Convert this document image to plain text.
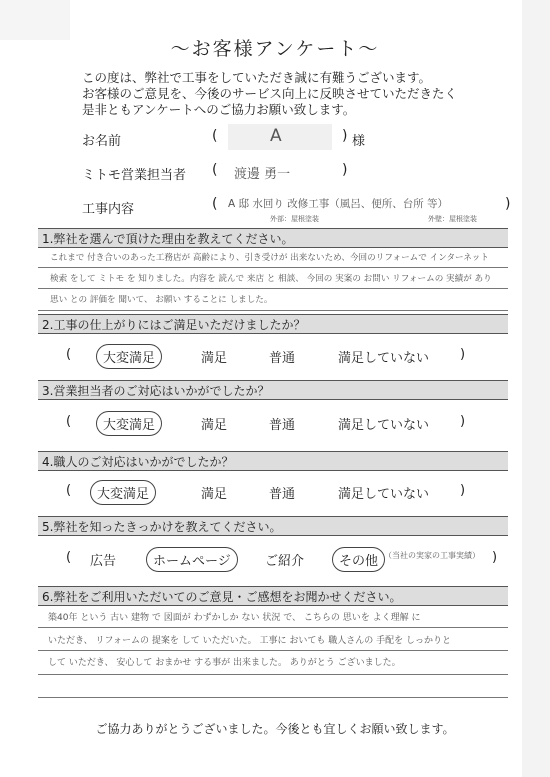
～お客様アンケート～
この度は、弊社で工事をしていただき誠に有難うございます。
お客様のご意見を、今後のサービス向上に反映させていただきたく
是非ともアンケートへのご協力お願い致します。
お名前	(	A	) 様
ミトモ営業担当者 ( 渡邊 勇一	)
工事内容	( A 邸 水回り 改修工事（風呂、便所、台所 等）	)
外部：屋根塗装	外壁：屋根塗装
1.弊社を選んで頂けた理由を教えてください。
これまで 付き合いのあった工務店が 高齢により、引き受けが 出来ないため、今回のリフォームで インターネット
検索 をして ミトモ を 知りました。内容を 読んで 来店 と 相談、 今回の 実案の お問い リフォームの 実績が あり
思い との 評価を 聞いて、 お願い することに しました。
2.工事の仕上がりにはご満足いただけましたか？
(	大変満足	満足	普通	満足していない )
3.営業担当者のご対応はいかがでしたか？
(	大変満足	満足	普通	満足していない )
4.職人のご対応はいかがでしたか？
(	大変満足	満足	普通	満足していない )
5.弊社を知ったきっかけを教えてください。
( 広告	ホームページ	ご紹介	その他 （当社の実家の工事実績） )
6.弊社をご利用いただいてのご意見・ご感想をお聞かせください。
築40年 という 古い 建物 で 図面が わずかしか ない 状況 で、 こちらの 思いを よく理解 に
いただき、 リフォームの 提案を して いただいた。 工事に おいても 職人さんの 手配を しっかりと
して いただき、 安心して おまかせ する事が 出来ました。 ありがとう ございました。
ご協力ありがとうございました。今後とも宜しくお願い致します。
